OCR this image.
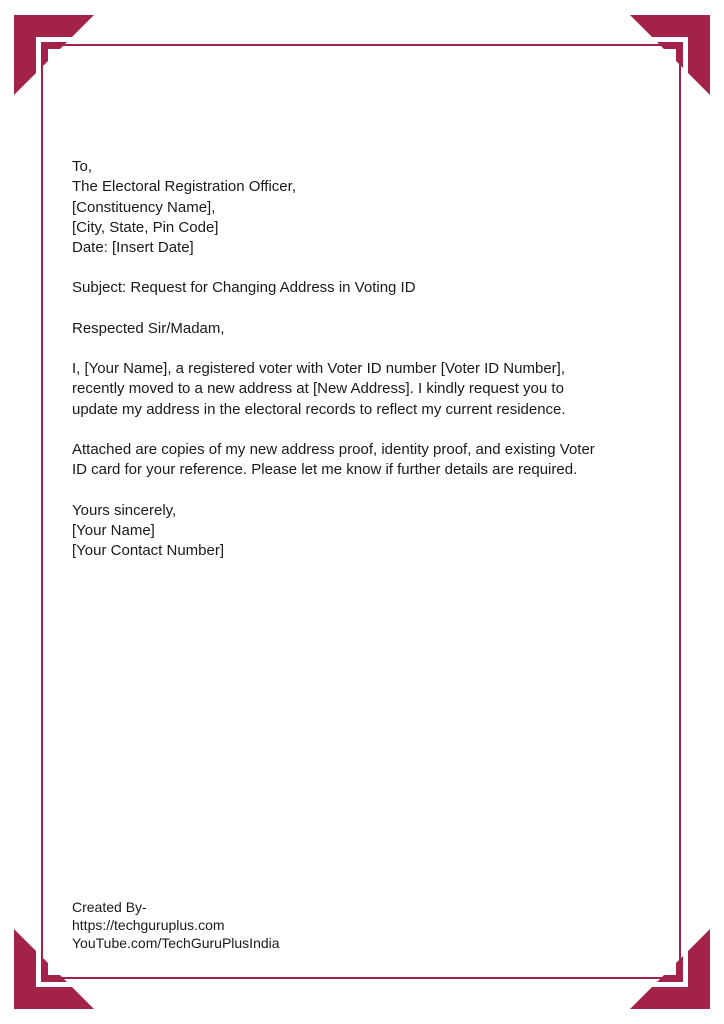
To,
The Electoral Registration Officer,
[Constituency Name],
[City, State, Pin Code]
Date: [Insert Date]
Subject: Request for Changing Address in Voting ID
Respected Sir/Madam,
I, [Your Name], a registered voter with Voter ID number [Voter ID Number],
recently moved to a new address at [New Address]. I kindly request you to
update my address in the electoral records to reflect my current residence.
Attached are copies of my new address proof, identity proof, and existing Voter
ID card for your reference. Please let me know if further details are required.
Yours sincerely,
[Your Name]
[Your Contact Number]
Created By-
https://techguruplus.com
YouTube.com/TechGuruPlusIndia
